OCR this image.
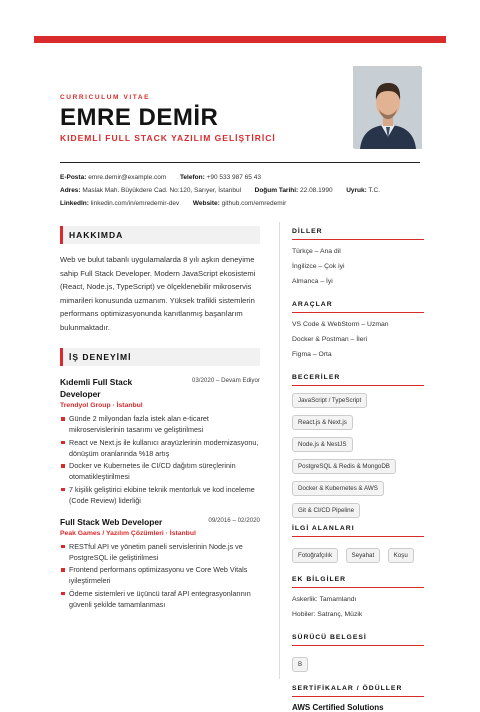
CURRICULUM VITAE
EMRE DEMİR
KIDEMLİ FULL STACK YAZILIM GELİŞTİRİCİ
E-Posta: emre.demir@example.com Telefon: +90 533 987 65 43
Adres: Maslak Mah. Büyükdere Cad. No:120, Sarıyer, İstanbul Doğum Tarihi: 22.08.1990 Uyruk: T.C.
LinkedIn: linkedin.com/in/emredemir-dev Website: github.com/emredemir
HAKKIMDA
Web ve bulut tabanlı uygulamalarda 8 yılı aşkın deneyime sahip Full Stack Developer. Modern JavaScript ekosistemi (React, Node.js, TypeScript) ve ölçeklenebilir mikroservis mimarileri konusunda uzmanım. Yüksek trafikli sistemlerin performans optimizasyonunda kanıtlanmış başarılarım bulunmaktadır.
İŞ DENEYİMİ
Kıdemli Full Stack Developer
03/2020 – Devam Ediyor
Trendyol Group · İstanbul
Günde 2 milyondan fazla istek alan e-ticaret mikroservislerinin tasarımı ve geliştirilmesi
React ve Next.js ile kullanıcı arayüzlerinin modernizasyonu, dönüşüm oranlarında %18 artış
Docker ve Kubernetes ile CI/CD dağıtım süreçlerinin otomatikleştirilmesi
7 kişilik geliştirici ekibine teknik mentorluk ve kod inceleme (Code Review) liderliği
Full Stack Web Developer	09/2016 – 02/2020
Peak Games / Yazılım Çözümleri · İstanbul
RESTful API ve yönetim paneli servislerinin Node.js ve PostgreSQL ile geliştirilmesi
Frontend performans optimizasyonu ve Core Web Vitals iyileştirmeleri
Ödeme sistemleri ve üçüncü taraf API entegrasyonlarının güvenli şekilde tamamlanması
DİLLER
Türkçe – Ana dil
İngilizce – Çok iyi
Almanca – İyi
ARAÇLAR
VS Code & WebStorm – Uzman
Docker & Postman – İleri
Figma – Orta
BECERİLER
JavaScript / TypeScript
React.js & Next.js
Node.js & NestJS
PostgreSQL & Redis & MongoDB
Docker & Kubernetes & AWS
Git & CI/CD Pipeline
İLGİ ALANLARI
Fotoğrafçılık	Seyahat	Koşu
EK BİLGİLER
Askerlik: Tamamlandı
Hobiler: Satranç, Müzik
SÜRÜCÜ BELGESİ
B
SERTİFİKALAR / ÖDÜLLER
AWS Certified Solutions
